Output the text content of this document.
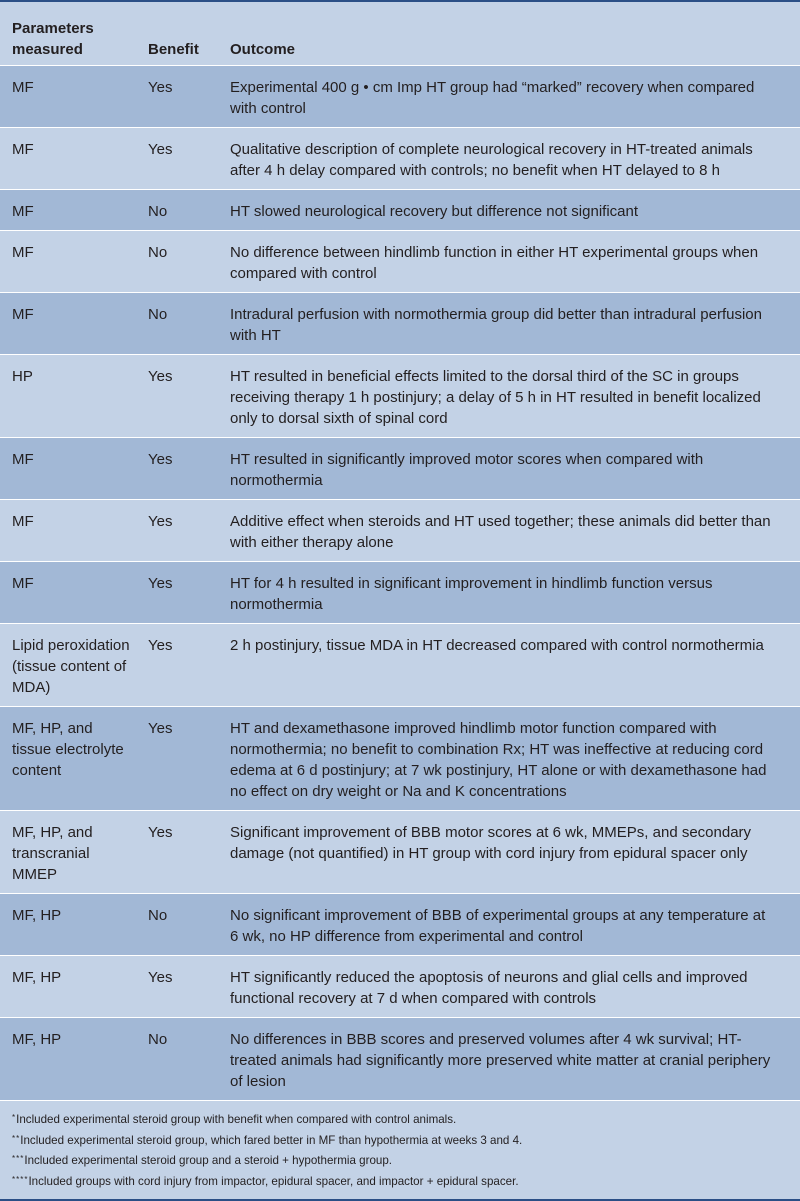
Parameters measured	Benefit	Outcome
MF	Yes	Experimental 400 g • cm Imp HT group had “marked” recovery when compared with control
MF	Yes	Qualitative description of complete neurological recovery in HT-treated animals after 4 h delay compared with controls; no benefit when HT delayed to 8 h
MF	No	HT slowed neurological recovery but difference not significant
MF	No	No difference between hindlimb function in either HT experimental groups when compared with control
MF	No	Intradural perfusion with normothermia group did better than intradural perfusion with HT
HP	Yes	HT resulted in beneficial effects limited to the dorsal third of the SC in groups receiving therapy 1 h postinjury; a delay of 5 h in HT resulted in benefit localized only to dorsal sixth of spinal cord
MF	Yes	HT resulted in significantly improved motor scores when compared with normothermia
MF	Yes	Additive effect when steroids and HT used together; these animals did better than with either therapy alone
MF	Yes	HT for 4 h resulted in significant improvement in hindlimb function versus normothermia
Lipid peroxidation (tissue content of MDA)	Yes	2 h postinjury, tissue MDA in HT decreased compared with control normothermia
MF, HP, and tissue electrolyte content	Yes	HT and dexamethasone improved hindlimb motor function compared with normothermia; no benefit to combination Rx; HT was ineffective at reducing cord edema at 6 d postinjury; at 7 wk postinjury, HT alone or with dexamethasone had no effect on dry weight or Na and K concentrations
MF, HP, and transcranial MMEP	Yes	Significant improvement of BBB motor scores at 6 wk, MMEPs, and secondary damage (not quantified) in HT group with cord injury from epidural spacer only
MF, HP	No	No significant improvement of BBB of experimental groups at any temperature at 6 wk, no HP difference from experimental and control
MF, HP	Yes	HT significantly reduced the apoptosis of neurons and glial cells and improved functional recovery at 7 d when compared with controls
MF, HP	No	No differences in BBB scores and preserved volumes after 4 wk survival; HT-treated animals had significantly more preserved white matter at cranial periphery of lesion
*Included experimental steroid group with benefit when compared with control animals.
**Included experimental steroid group, which fared better in MF than hypothermia at weeks 3 and 4.
***Included experimental steroid group and a steroid + hypothermia group.
****Included groups with cord injury from impactor, epidural spacer, and impactor + epidural spacer.
